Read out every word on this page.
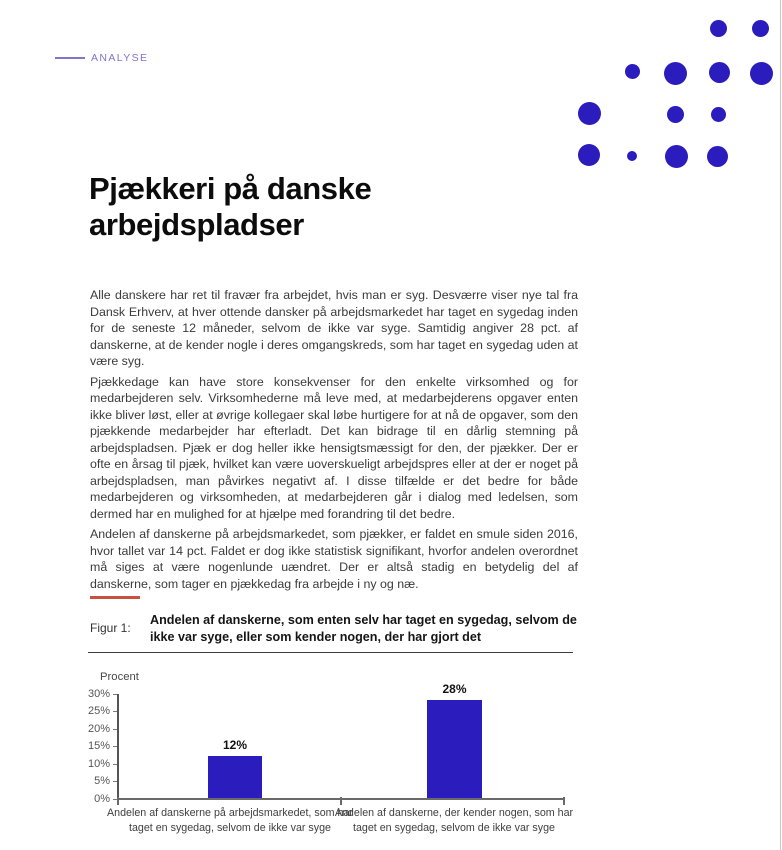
ANALYSE
Pjækkeri på danske arbejdspladser

Alle danskere har ret til fravær fra arbejdet, hvis man er syg. Desværre viser nye tal fra Dansk Erhverv, at hver ottende dansker på arbejdsmarkedet har taget en sygedag inden for de seneste 12 måneder, selvom de ikke var syge. Samtidig angiver 28 pct. af danskerne, at de kender nogle i deres omgangskreds, som har taget en sygedag uden at være syg.

Pjækkedage kan have store konsekvenser for den enkelte virksomhed og for medarbejderen selv. Virksomhederne må leve med, at medarbejderens opgaver enten ikke bliver løst, eller at øvrige kollegaer skal løbe hurtigere for at nå de opgaver, som den pjækkende medarbejder har efterladt. Det kan bidrage til en dårlig stemning på arbejdspladsen. Pjæk er dog heller ikke hensigtsmæssigt for den, der pjækker. Der er ofte en årsag til pjæk, hvilket kan være uoverskueligt arbejdspres eller at der er noget på arbejdspladsen, man påvirkes negativt af. I disse tilfælde er det bedre for både medarbejderen og virksomheden, at medarbejderen går i dialog med ledelsen, som dermed har en mulighed for at hjælpe med forandring til det bedre.

Andelen af danskerne på arbejdsmarkedet, som pjækker, er faldet en smule siden 2016, hvor tallet var 14 pct. Faldet er dog ikke statistisk signifikant, hvorfor andelen overordnet må siges at være nogenlunde uændret. Der er altså stadig en betydelig del af danskerne, som tager en pjækkedag fra arbejde i ny og næ.

Figur 1:
Andelen af danskerne, som enten selv har taget en sygedag, selvom de ikke var syge, eller som kender nogen, der har gjort det
Procent
30%
25%
20%
15%
10%
5%
0%
12%
28%
Andelen af danskerne på arbejdsmarkedet, som har
taget en sygedag, selvom de ikke var syge
Andelen af danskerne, der kender nogen, som har
taget en sygedag, selvom de ikke var syge
